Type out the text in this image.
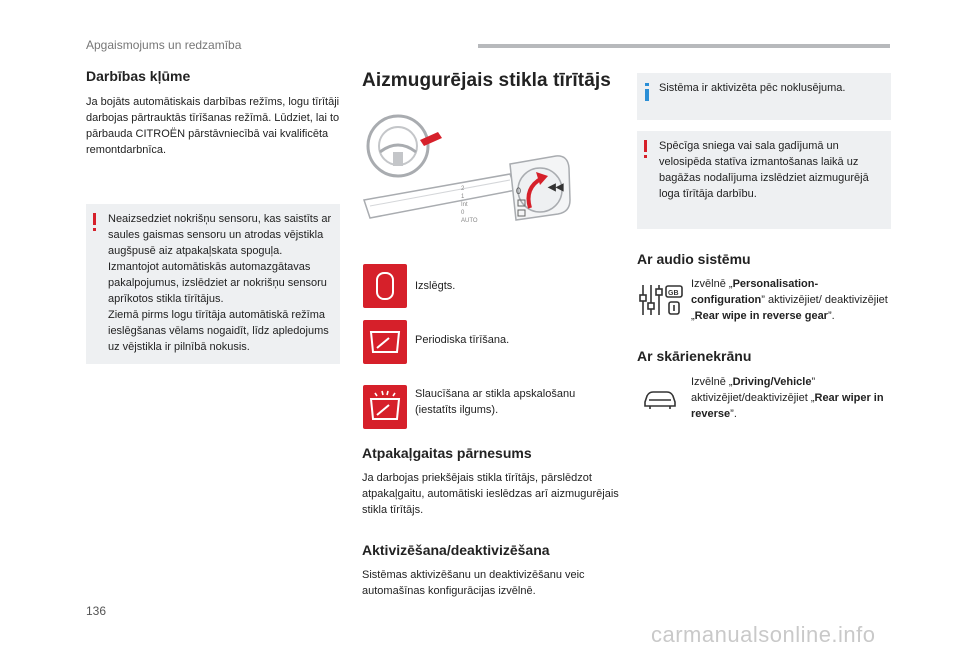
Apgaismojums un redzamība
Darbības kļūme

Ja bojāts automātiskais darbības režīms, logu tīrītāji darbojas pārtrauktās tīrīšanas režīmā. Lūdziet, lai to pārbauda CITROËN pārstāvniecībā vai kvalificēta remontdarbnīca.

Neaizsedziet nokrišņu sensoru, kas saistīts ar saules gaismas sensoru un atrodas vējstikla augšpusē aiz atpakaļskata spoguļa.

Izmantojot automātiskās automazgātavas pakalpojumus, izslēdziet ar nokrišņu sensoru aprīkotos stikla tīrītājus.

Ziemā pirms logu tīrītāja automātiskā režīma ieslēgšanas vēlams nogaidīt, līdz apledojums uz vējstikla ir pilnībā nokusis.

Aizmugurējais stikla tīrītājs
0	◀◀
2
1
Int
0
AUTO
Izslēgts.
Periodiska tīrīšana.
Slaucīšana ar stikla apskalošanu (iestatīts ilgums).
Atpakaļgaitas pārnesums

Ja darbojas priekšējais stikla tīrītājs, pārslēdzot atpakaļgaitu, automātiski ieslēdzas arī aizmugurējais stikla tīrītājs.

Aktivizēšana/deaktivizēšana

Sistēmas aktivizēšanu un deaktivizēšanu veic automašīnas konfigurācijas izvēlnē.

Sistēma ir aktivizēta pēc noklusējuma.

Spēcīga sniega vai sala gadījumā un velosipēda statīva izmantošanas laikā uz bagāžas nodalījuma izslēdziet aizmugurējā loga tīrītāja darbību.

Ar audio sistēmu
GB
Izvēlnē „Personalisation-configuration” aktivizējiet/ deaktivizējiet „Rear wipe in reverse gear”.
Ar skārienekrānu
Izvēlnē „Driving/Vehicle” aktivizējiet/deaktivizējiet „Rear wiper in reverse”.
136
carmanualsonline.info
